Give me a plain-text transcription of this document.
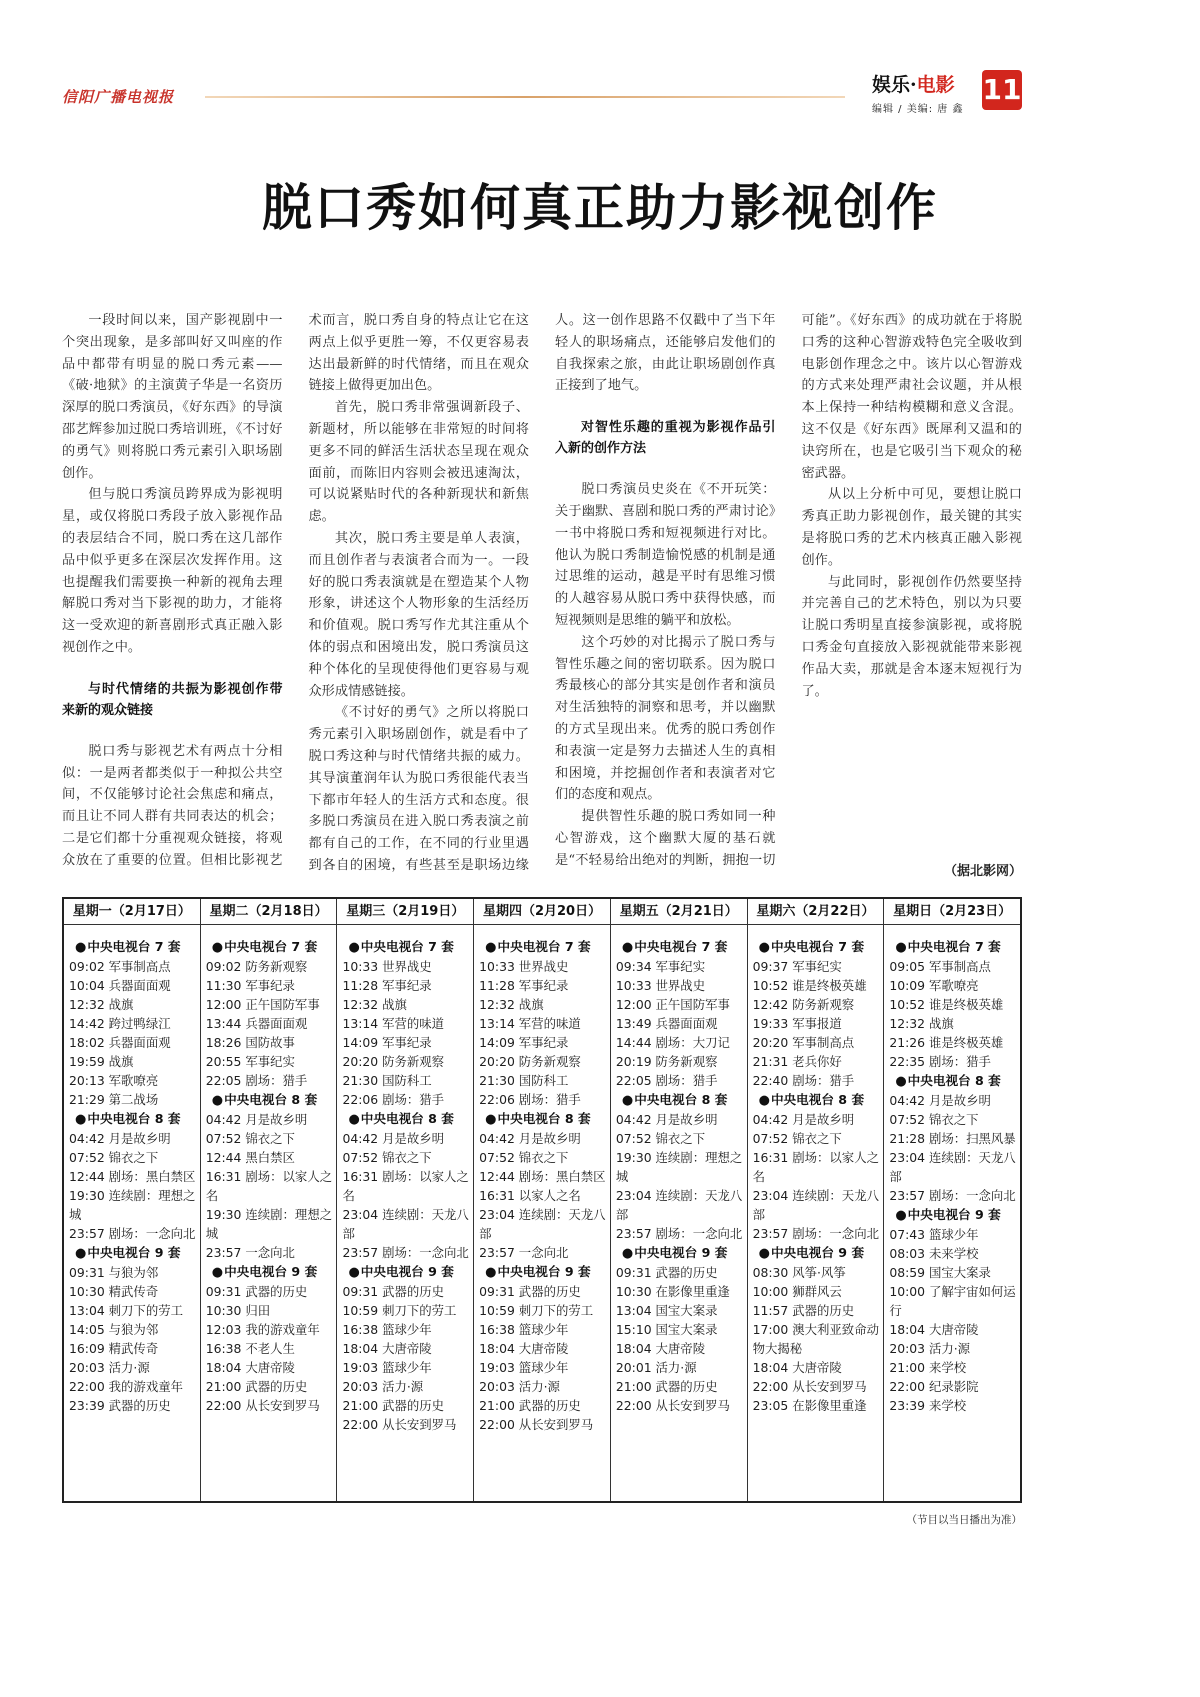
信阳广播电视报
娱乐·电影
编辑 / 美编: 唐 鑫
11
脱口秀如何真正助力影视创作

一段时间以来，国产影视剧中一个突出现象，是多部叫好又叫座的作品中都带有明显的脱口秀元素——《破·地狱》的主演黄子华是一名资历深厚的脱口秀演员，《好东西》的导演邵艺辉参加过脱口秀培训班，《不讨好的勇气》则将脱口秀元素引入职场剧创作。

但与脱口秀演员跨界成为影视明星，或仅将脱口秀段子放入影视作品的表层结合不同，脱口秀在这几部作品中似乎更多在深层次发挥作用。这也提醒我们需要换一种新的视角去理解脱口秀对当下影视的助力，才能将这一受欢迎的新喜剧形式真正融入影视创作之中。

与时代情绪的共振为影视创作带来新的观众链接

脱口秀与影视艺术有两点十分相似：一是两者都类似于一种拟公共空间，不仅能够讨论社会焦虑和痛点，而且让不同人群有共同表达的机会；二是它们都十分重视观众链接，将观众放在了重要的位置。但相比影视艺术而言，脱口秀自身的特点让它在这两点上似乎更胜一筹，不仅更容易表达出最新鲜的时代情绪，而且在观众链接上做得更加出色。

首先，脱口秀非常强调新段子、新题材，所以能够在非常短的时间将更多不同的鲜活生活状态呈现在观众面前，而陈旧内容则会被迅速淘汰，可以说紧贴时代的各种新现状和新焦虑。

其次，脱口秀主要是单人表演，而且创作者与表演者合而为一。一段好的脱口秀表演就是在塑造某个人物形象，讲述这个人物形象的生活经历和价值观。脱口秀写作尤其注重从个体的弱点和困境出发，脱口秀演员这种个体化的呈现使得他们更容易与观众形成情感链接。

《不讨好的勇气》之所以将脱口秀元素引入职场剧创作，就是看中了脱口秀这种与时代情绪共振的威力。其导演董润年认为脱口秀很能代表当下都市年轻人的生活方式和态度。很多脱口秀演员在进入脱口秀表演之前都有自己的工作，在不同的行业里遇到各自的困境，有些甚至是职场边缘人。这一创作思路不仅戳中了当下年轻人的职场痛点，还能够启发他们的自我探索之旅，由此让职场剧创作真正接到了地气。

对智性乐趣的重视为影视作品引入新的创作方法

脱口秀演员史炎在《不开玩笑：关于幽默、喜剧和脱口秀的严肃讨论》一书中将脱口秀和短视频进行对比。他认为脱口秀制造愉悦感的机制是通过思维的运动，越是平时有思维习惯的人越容易从脱口秀中获得快感，而短视频则是思维的躺平和放松。

这个巧妙的对比揭示了脱口秀与智性乐趣之间的密切联系。因为脱口秀最核心的部分其实是创作者和演员对生活独特的洞察和思考，并以幽默的方式呈现出来。优秀的脱口秀创作和表演一定是努力去描述人生的真相和困境，并挖掘创作者和表演者对它们的态度和观点。

提供智性乐趣的脱口秀如同一种心智游戏，这个幽默大厦的基石就是“不轻易给出绝对的判断，拥抱一切可能”。《好东西》的成功就在于将脱口秀的这种心智游戏特色完全吸收到电影创作理念之中。该片以心智游戏的方式来处理严肃社会议题，并从根本上保持一种结构模糊和意义含混。这不仅是《好东西》既犀利又温和的诀窍所在，也是它吸引当下观众的秘密武器。

从以上分析中可见，要想让脱口秀真正助力影视创作，最关键的其实是将脱口秀的艺术内核真正融入影视创作。

与此同时，影视创作仍然要坚持并完善自己的艺术特色，别以为只要让脱口秀明星直接参演影视，或将脱口秀金句直接放入影视就能带来影视作品大卖，那就是舍本逐末短视行为了。

（据北影网）
星期一（2月17日）
●中央电视台 7 套
09:02 军事制高点
10:04 兵器面面观
12:32 战旗
14:42 跨过鸭绿江
18:02 兵器面面观
19:59 战旗
20:13 军歌嘹亮
21:29 第二战场
●中央电视台 8 套
04:42 月是故乡明
07:52 锦衣之下
12:44 剧场：黑白禁区
19:30 连续剧：理想之城
23:57 剧场：一念向北
●中央电视台 9 套
09:31 与狼为邻
10:30 精武传奇
13:04 刺刀下的劳工
14:05 与狼为邻
16:09 精武传奇
20:03 活力·源
22:00 我的游戏童年
23:39 武器的历史
星期二（2月18日）
●中央电视台 7 套
09:02 防务新观察
11:30 军事纪录
12:00 正午国防军事
13:44 兵器面面观
18:26 国防故事
20:55 军事纪实
22:05 剧场：猎手
●中央电视台 8 套
04:42 月是故乡明
07:52 锦衣之下
12:44 黑白禁区
16:31 剧场：以家人之名
19:30 连续剧：理想之城
23:57 一念向北
●中央电视台 9 套
09:31 武器的历史
10:30 归田
12:03 我的游戏童年
16:38 不老人生
18:04 大唐帝陵
21:00 武器的历史
22:00 从长安到罗马
星期三（2月19日）
●中央电视台 7 套
10:33 世界战史
11:28 军事纪录
12:32 战旗
13:14 军营的味道
14:09 军事纪录
20:20 防务新观察
21:30 国防科工
22:06 剧场：猎手
●中央电视台 8 套
04:42 月是故乡明
07:52 锦衣之下
16:31 剧场：以家人之名
23:04 连续剧：天龙八部
23:57 剧场：一念向北
●中央电视台 9 套
09:31 武器的历史
10:59 刺刀下的劳工
16:38 篮球少年
18:04 大唐帝陵
19:03 篮球少年
20:03 活力·源
21:00 武器的历史
22:00 从长安到罗马
星期四（2月20日）
●中央电视台 7 套
10:33 世界战史
11:28 军事纪录
12:32 战旗
13:14 军营的味道
14:09 军事纪录
20:20 防务新观察
21:30 国防科工
22:06 剧场：猎手
●中央电视台 8 套
04:42 月是故乡明
07:52 锦衣之下
12:44 剧场：黑白禁区
16:31 以家人之名
23:04 连续剧：天龙八部
23:57 一念向北
●中央电视台 9 套
09:31 武器的历史
10:59 刺刀下的劳工
16:38 篮球少年
18:04 大唐帝陵
19:03 篮球少年
20:03 活力·源
21:00 武器的历史
22:00 从长安到罗马
星期五（2月21日）
●中央电视台 7 套
09:34 军事纪实
10:33 世界战史
12:00 正午国防军事
13:49 兵器面面观
14:44 剧场：大刀记
20:19 防务新观察
22:05 剧场：猎手
●中央电视台 8 套
04:42 月是故乡明
07:52 锦衣之下
19:30 连续剧：理想之城
23:04 连续剧：天龙八部
23:57 剧场：一念向北
●中央电视台 9 套
09:31 武器的历史
10:30 在影像里重逢
13:04 国宝大案录
15:10 国宝大案录
18:04 大唐帝陵
20:01 活力·源
21:00 武器的历史
22:00 从长安到罗马
星期六（2月22日）
●中央电视台 7 套
09:37 军事纪实
10:52 谁是终极英雄
12:42 防务新观察
19:33 军事报道
20:20 军事制高点
21:31 老兵你好
22:40 剧场：猎手
●中央电视台 8 套
04:42 月是故乡明
07:52 锦衣之下
16:31 剧场：以家人之名
23:04 连续剧：天龙八部
23:57 剧场：一念向北
●中央电视台 9 套
08:30 风筝·风筝
10:00 狮群风云
11:57 武器的历史
17:00 澳大利亚致命动物大揭秘
18:04 大唐帝陵
22:00 从长安到罗马
23:05 在影像里重逢
星期日（2月23日）
●中央电视台 7 套
09:05 军事制高点
10:09 军歌嘹亮
10:52 谁是终极英雄
12:32 战旗
21:26 谁是终极英雄
22:35 剧场：猎手
●中央电视台 8 套
04:42 月是故乡明
07:52 锦衣之下
21:28 剧场：扫黑风暴
23:04 连续剧：天龙八部
23:57 剧场：一念向北
●中央电视台 9 套
07:43 篮球少年
08:03 未来学校
08:59 国宝大案录
10:00 了解宇宙如何运行
18:04 大唐帝陵
20:03 活力·源
21:00 来学校
22:00 纪录影院
23:39 来学校
（节目以当日播出为准）
